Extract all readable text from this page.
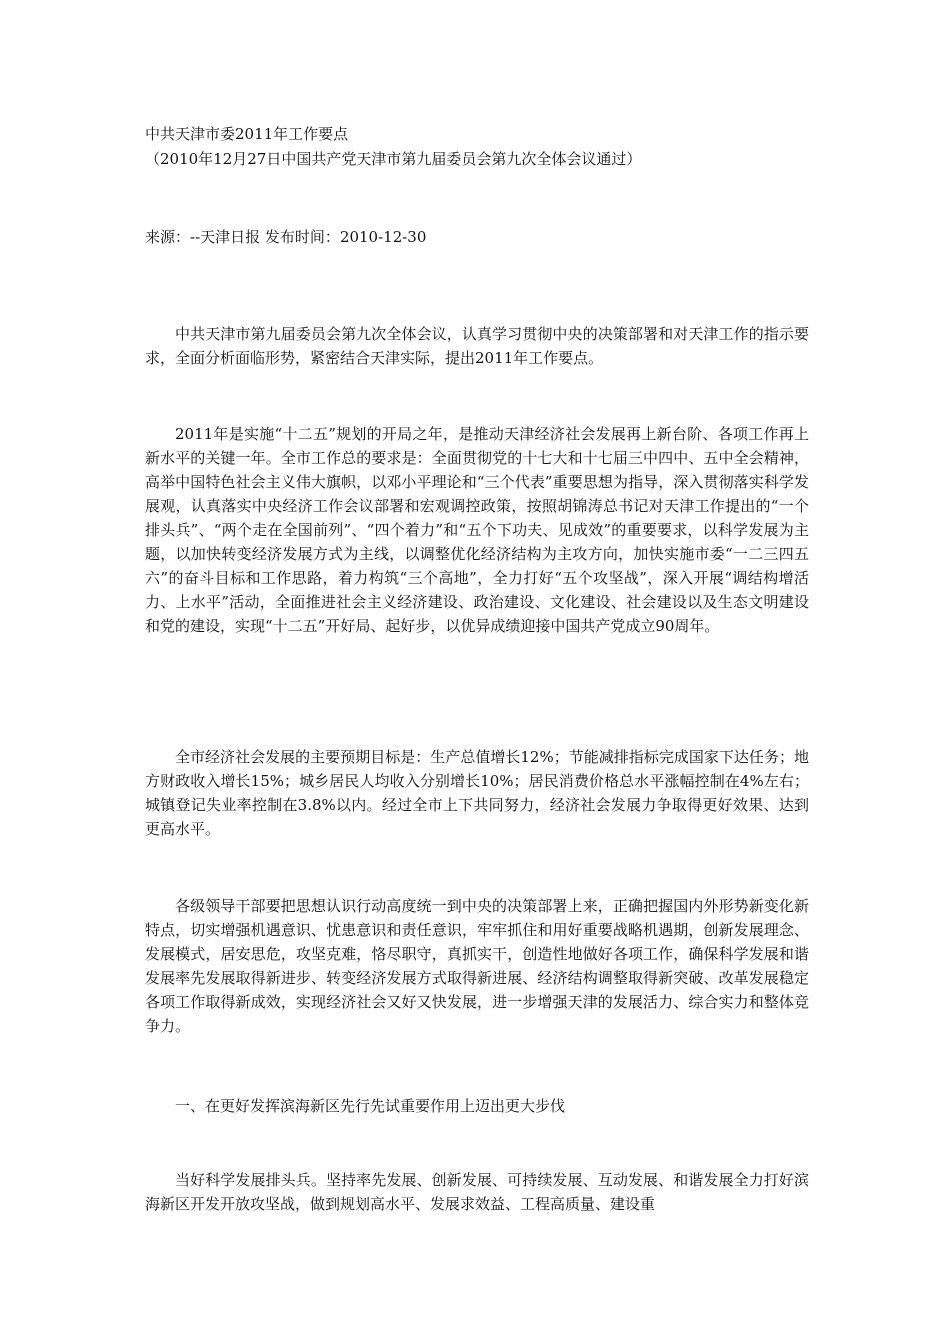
中共天津市委2011年工作要点
（2010年12月27日中国共产党天津市第九届委员会第九次全体会议通过）
来源：--天津日报 发布时间：2010-12-30
中共天津市第九届委员会第九次全体会议，认真学习贯彻中央的决策部署和对天津工作的指示要求，全面分析面临形势，紧密结合天津实际，提出2011年工作要点。
2011年是实施“十二五”规划的开局之年，是推动天津经济社会发展再上新台阶、各项工作再上新水平的关键一年。全市工作总的要求是：全面贯彻党的十七大和十七届三中四中、五中全会精神，高举中国特色社会主义伟大旗帜，以邓小平理论和“三个代表”重要思想为指导，深入贯彻落实科学发展观，认真落实中央经济工作会议部署和宏观调控政策，按照胡锦涛总书记对天津工作提出的“一个排头兵”、“两个走在全国前列”、“四个着力”和“五个下功夫、见成效”的重要要求，以科学发展为主题，以加快转变经济发展方式为主线，以调整优化经济结构为主攻方向，加快实施市委“一二三四五六”的奋斗目标和工作思路，着力构筑“三个高地”，全力打好“五个攻坚战”，深入开展“调结构增活力、上水平”活动，全面推进社会主义经济建设、政治建设、文化建设、社会建设以及生态文明建设和党的建设，实现“十二五”开好局、起好步，以优异成绩迎接中国共产党成立90周年。
全市经济社会发展的主要预期目标是：生产总值增长12%；节能减排指标完成国家下达任务；地方财政收入增长15%；城乡居民人均收入分别增长10%；居民消费价格总水平涨幅控制在4%左右；城镇登记失业率控制在3.8%以内。经过全市上下共同努力，经济社会发展力争取得更好效果、达到更高水平。
各级领导干部要把思想认识行动高度统一到中央的决策部署上来，正确把握国内外形势新变化新特点，切实增强机遇意识、忧患意识和责任意识，牢牢抓住和用好重要战略机遇期，创新发展理念、发展模式，居安思危，攻坚克难，恪尽职守，真抓实干，创造性地做好各项工作，确保科学发展和谐发展率先发展取得新进步、转变经济发展方式取得新进展、经济结构调整取得新突破、改革发展稳定各项工作取得新成效，实现经济社会又好又快发展，进一步增强天津的发展活力、综合实力和整体竞争力。
一、在更好发挥滨海新区先行先试重要作用上迈出更大步伐
当好科学发展排头兵。坚持率先发展、创新发展、可持续发展、互动发展、和谐发展全力打好滨海新区开发开放攻坚战，做到规划高水平、发展求效益、工程高质量、建设重
